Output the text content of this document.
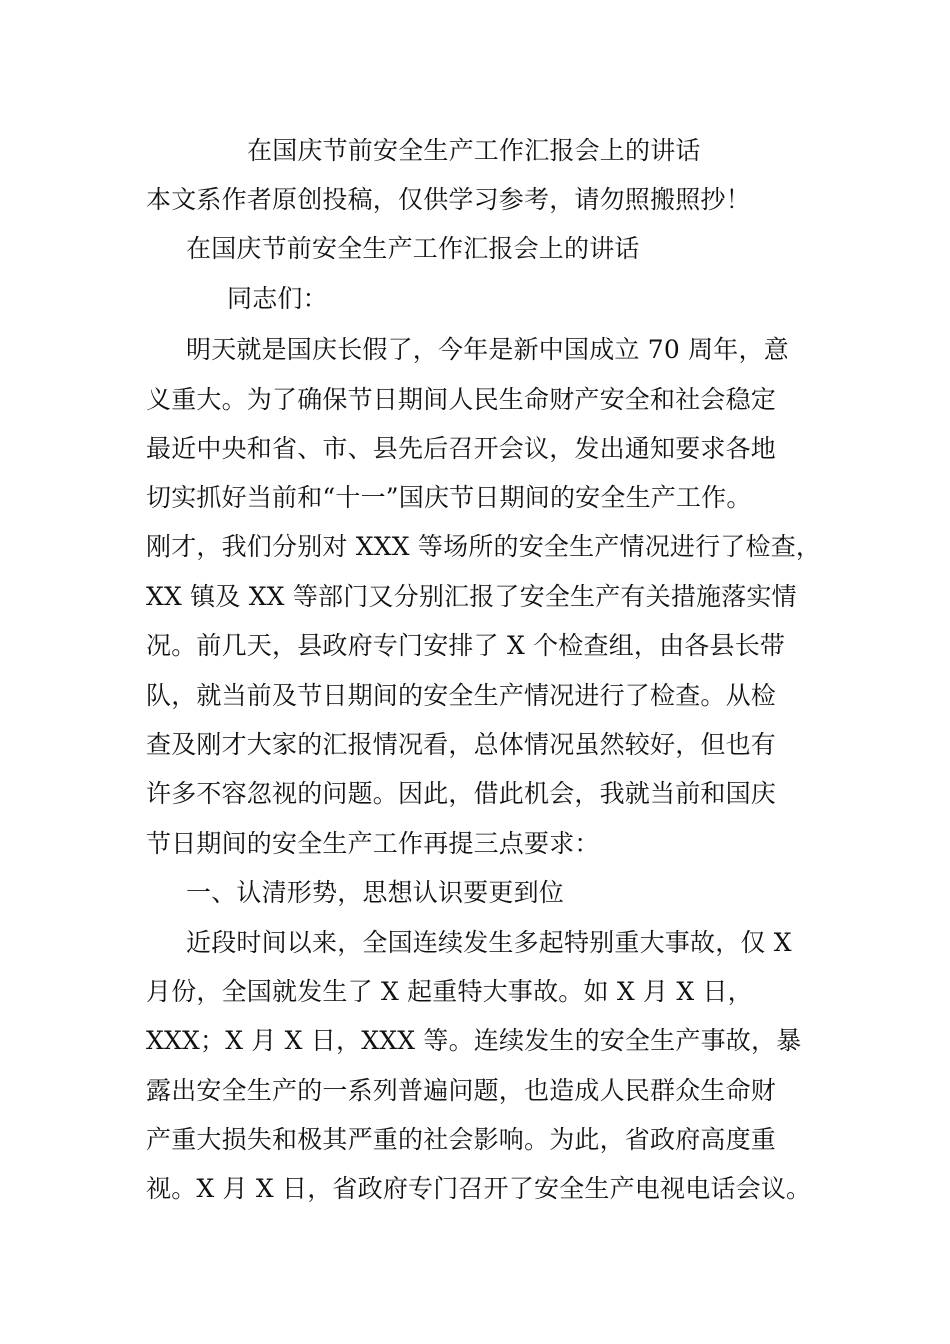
在国庆节前安全生产工作汇报会上的讲话
本文系作者原创投稿，仅供学习参考，请勿照搬照抄！
在国庆节前安全生产工作汇报会上的讲话
同志们：
明天就是国庆长假了，今年是新中国成立 70 周年，意
义重大。为了确保节日期间人民生命财产安全和社会稳定
最近中央和省、市、县先后召开会议，发出通知要求各地
切实抓好当前和“十一”国庆节日期间的安全生产工作。
刚才，我们分别对 XXX 等场所的安全生产情况进行了检查，
XX 镇及 XX 等部门又分别汇报了安全生产有关措施落实情
况。前几天，县政府专门安排了 X 个检查组，由各县长带
队，就当前及节日期间的安全生产情况进行了检查。从检
查及刚才大家的汇报情况看，总体情况虽然较好，但也有
许多不容忽视的问题。因此，借此机会，我就当前和国庆
节日期间的安全生产工作再提三点要求：
一、认清形势，思想认识要更到位
近段时间以来，全国连续发生多起特别重大事故，仅 X
月份，全国就发生了 X 起重特大事故。如 X 月 X 日，
XXX；X 月 X 日，XXX 等。连续发生的安全生产事故，暴
露出安全生产的一系列普遍问题，也造成人民群众生命财
产重大损失和极其严重的社会影响。为此，省政府高度重
视。X 月 X 日，省政府专门召开了安全生产电视电话会议。
